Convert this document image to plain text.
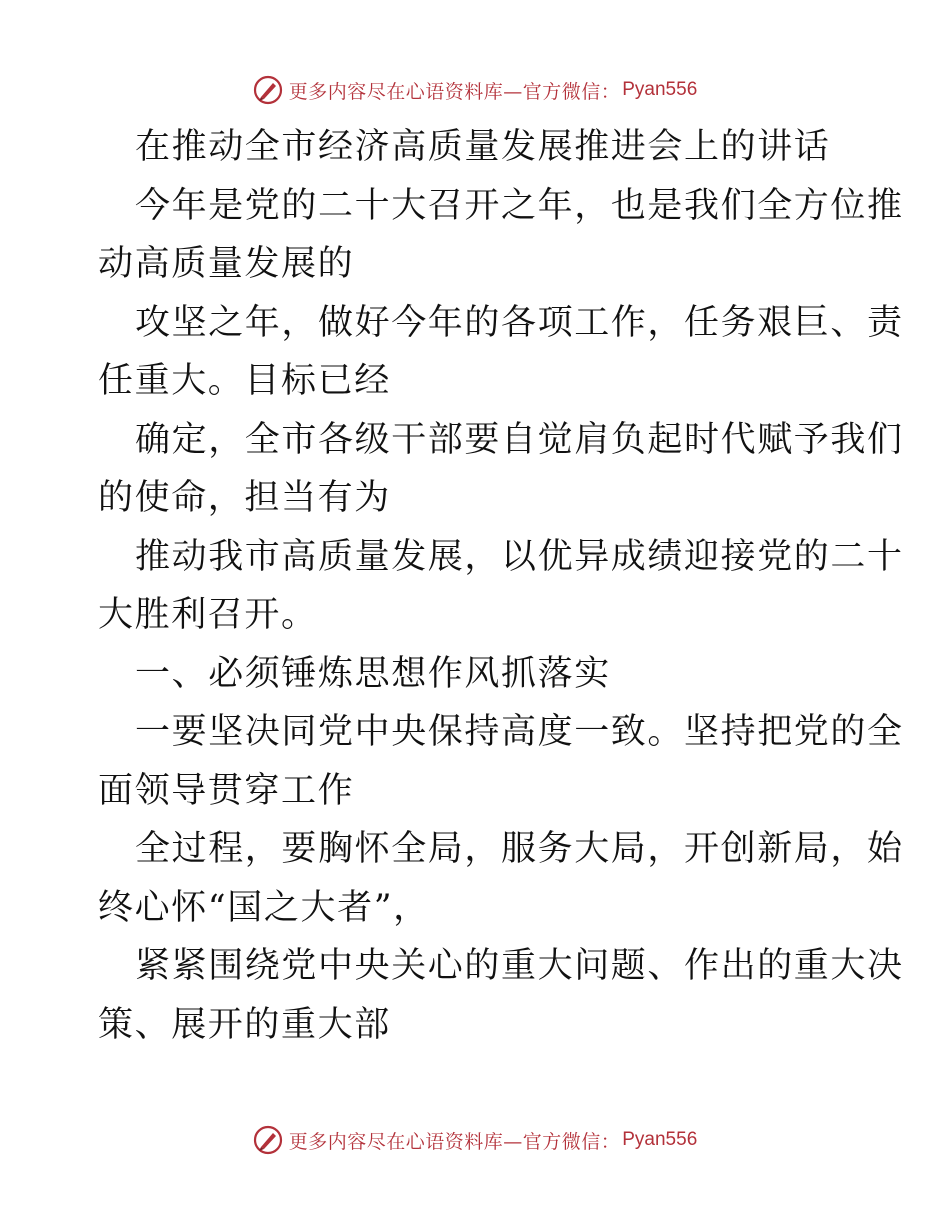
更多内容尽在心语资料库—官方微信： Pyan556
在推动全市经济高质量发展推进会上的讲话
今年是党的二十大召开之年，也是我们全方位推
动高质量发展的
攻坚之年，做好今年的各项工作，任务艰巨、责
任重大。目标已经
确定，全市各级干部要自觉肩负起时代赋予我们
的使命，担当有为
推动我市高质量发展，以优异成绩迎接党的二十
大胜利召开。
一、必须锤炼思想作风抓落实
一要坚决同党中央保持高度一致。坚持把党的全
面领导贯穿工作
全过程，要胸怀全局，服务大局，开创新局，始
终心怀“国之大者”，
紧紧围绕党中央关心的重大问题、作出的重大决
策、展开的重大部
更多内容尽在心语资料库—官方微信： Pyan556
